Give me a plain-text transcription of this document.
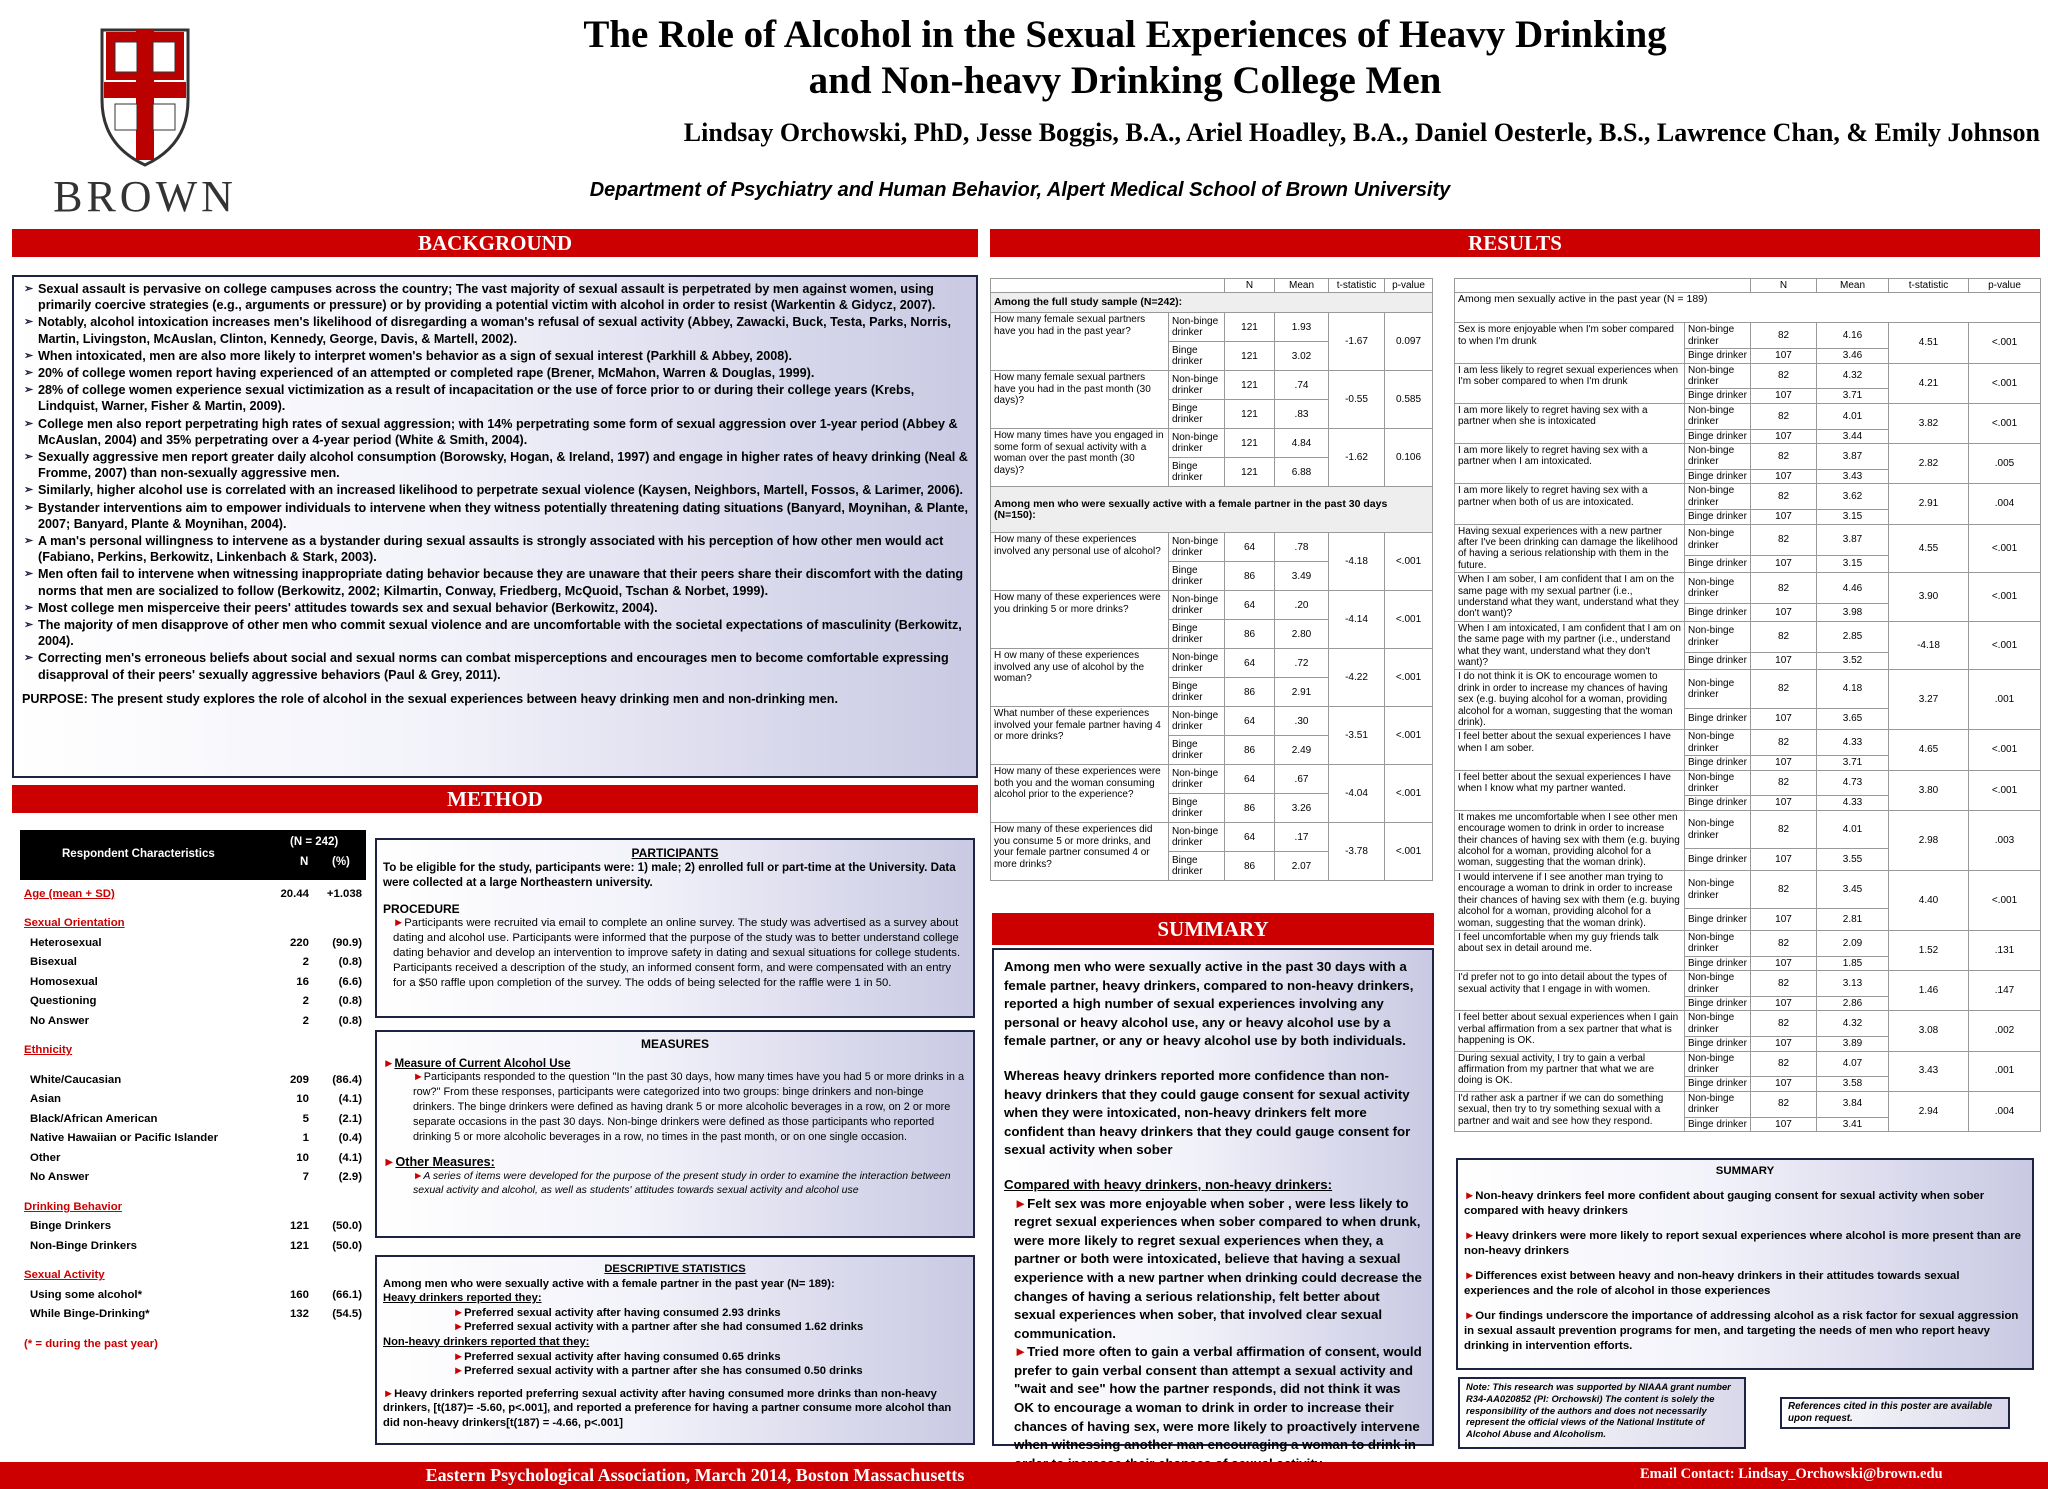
BROWN
The Role of Alcohol in the Sexual Experiences of Heavy Drinking
and Non-heavy Drinking College Men
Lindsay Orchowski, PhD, Jesse Boggis, B.A., Ariel Hoadley, B.A., Daniel Oesterle, B.S., Lawrence Chan, & Emily Johnson
Department of Psychiatry and Human Behavior, Alpert Medical School of Brown University
BACKGROUND
➢ Sexual assault is pervasive on college campuses across the country; The vast majority of sexual assault is perpetrated by men against women, using primarily coercive strategies (e.g., arguments or pressure) or by providing a potential victim with alcohol in order to resist (Warkentin & Gidycz, 2007).
➢ Notably, alcohol intoxication increases men's likelihood of disregarding a woman's refusal of sexual activity (Abbey, Zawacki, Buck, Testa, Parks, Norris, Martin, Livingston, McAuslan, Clinton, Kennedy, George, Davis, & Martell, 2002).
➢ When intoxicated, men are also more likely to interpret women's behavior as a sign of sexual interest (Parkhill & Abbey, 2008).
➢ 20% of college women report having experienced of an attempted or completed rape (Brener, McMahon, Warren & Douglas, 1999).
➢ 28% of college women experience sexual victimization as a result of incapacitation or the use of force prior to or during their college years (Krebs, Lindquist, Warner, Fisher & Martin, 2009).
➢ College men also report perpetrating high rates of sexual aggression; with 14% perpetrating some form of sexual aggression over 1-year period (Abbey & McAuslan, 2004) and 35% perpetrating over a 4-year period (White & Smith, 2004).
➢ Sexually aggressive men report greater daily alcohol consumption (Borowsky, Hogan, & Ireland, 1997) and engage in higher rates of heavy drinking (Neal & Fromme, 2007) than non-sexually aggressive men.
➢ Similarly, higher alcohol use is correlated with an increased likelihood to perpetrate sexual violence (Kaysen, Neighbors, Martell, Fossos, & Larimer, 2006).
➢ Bystander interventions aim to empower individuals to intervene when they witness potentially threatening dating situations (Banyard, Moynihan, & Plante, 2007; Banyard, Plante & Moynihan, 2004).
➢ A man's personal willingness to intervene as a bystander during sexual assaults is strongly associated with his perception of how other men would act (Fabiano, Perkins, Berkowitz, Linkenbach & Stark, 2003).
➢ Men often fail to intervene when witnessing inappropriate dating behavior because they are unaware that their peers share their discomfort with the dating norms that men are socialized to follow (Berkowitz, 2002; Kilmartin, Conway, Friedberg, McQuoid, Tschan & Norbet, 1999).
➢ Most college men misperceive their peers' attitudes towards sex and sexual behavior (Berkowitz, 2004).
➢ The majority of men disapprove of other men who commit sexual violence and are uncomfortable with the societal expectations of masculinity (Berkowitz, 2004).
➢ Correcting men's erroneous beliefs about social and sexual norms can combat misperceptions and encourages men to become comfortable expressing disapproval of their peers' sexually aggressive behaviors (Paul & Grey, 2011).
PURPOSE: The present study explores the role of alcohol in the sexual experiences between heavy drinking men and non-drinking men.
METHOD
Respondent Characteristics
(N = 242)
N (%)
Age (mean + SD)	20.44	+1.038

Sexual Orientation		
Heterosexual	220	(90.9)
Bisexual	2	(0.8)
Homosexual	16	(6.6)
Questioning	2	(0.8)
No Answer	2	(0.8)

Ethnicity		

White/Caucasian	209	(86.4)
Asian	10	(4.1)
Black/African American	5	(2.1)
Native Hawaiian or Pacific Islander	1	(0.4)
Other	10	(4.1)
No Answer	7	(2.9)

Drinking Behavior		
Binge Drinkers	121	(50.0)
Non-Binge Drinkers	121	(50.0)

Sexual Activity		
Using some alcohol*	160	(66.1)
While Binge-Drinking*	132	(54.5)

(* = during the past year)		
PARTICIPANTS
To be eligible for the study, participants were: 1) male; 2) enrolled full or part-time at the University. Data were collected at a large Northeastern university.
PROCEDURE
►Participants were recruited via email to complete an online survey. The study was advertised as a survey about dating and alcohol use. Participants were informed that the purpose of the study was to better understand college dating behavior and develop an intervention to improve safety in dating and sexual situations for college students. Participants received a description of the study, an informed consent form, and were compensated with an entry for a $50 raffle upon completion of the survey. The odds of being selected for the raffle were 1 in 50.
MEASURES
►Measure of Current Alcohol Use
►Participants responded to the question "In the past 30 days, how many times have you had 5 or more drinks in a row?" From these responses, participants were categorized into two groups: binge drinkers and non-binge drinkers. The binge drinkers were defined as having drank 5 or more alcoholic beverages in a row, on 2 or more separate occasions in the past 30 days. Non-binge drinkers were defined as those participants who reported drinking 5 or more alcoholic beverages in a row, no times in the past month, or on one single occasion.
►Other Measures:
►A series of items were developed for the purpose of the present study in order to examine the interaction between sexual activity and alcohol, as well as students' attitudes towards sexual activity and alcohol use
DESCRIPTIVE STATISTICS
Among men who were sexually active with a female partner in the past year (N= 189):
Heavy drinkers reported they:
►Preferred sexual activity after having consumed 2.93 drinks
►Preferred sexual activity with a partner after she had consumed 1.62 drinks
Non-heavy drinkers reported that they:
►Preferred sexual activity after having consumed 0.65 drinks
►Preferred sexual activity with a partner after she has consumed 0.50 drinks
►Heavy drinkers reported preferring sexual activity after having consumed more drinks than non-heavy drinkers, [t(187)= -5.60, p<.001], and reported a preference for having a partner consume more alcohol than did non-heavy drinkers[t(187) = -4.66, p<.001]
RESULTS
		N	Mean	t-statistic	p-value
Among the full study sample (N=242):					
How many female sexual partners have you had in the past year?	Non-binge drinker	121	1.93	-1.67	0.097
	Binge drinker	121	3.02		
How many female sexual partners have you had in the past month (30 days)?	Non-binge drinker	121	.74	-0.55	0.585
	Binge drinker	121	.83		
How many times have you engaged in some form of sexual activity with a woman over the past month (30 days)?	Non-binge drinker	121	4.84	-1.62	0.106
	Binge drinker	121	6.88		
Among men who were sexually active with a female partner in the past 30 days (N=150):					
How many of these experiences involved any personal use of alcohol?	Non-binge drinker	64	.78	-4.18	<.001
	Binge drinker	86	3.49		
How many of these experiences were you drinking 5 or more drinks?	Non-binge drinker	64	.20	-4.14	<.001
	Binge drinker	86	2.80		
H ow many of these experiences involved any use of alcohol by the woman?	Non-binge drinker	64	.72	-4.22	<.001
	Binge drinker	86	2.91		
What number of these experiences involved your female partner having 4 or more drinks?	Non-binge drinker	64	.30	-3.51	<.001
	Binge drinker	86	2.49		
How many of these experiences were both you and the woman consuming alcohol prior to the experience?	Non-binge drinker	64	.67	-4.04	<.001
	Binge drinker	86	3.26		
How many of these experiences did you consume 5 or more drinks, and your female partner consumed 4 or more drinks?	Non-binge drinker	64	.17	-3.78	<.001
	Binge drinker	86	2.07		
		N	Mean	t-statistic	p-value
Among men sexually active in the past year (N = 189)					
Sex is more enjoyable when I'm sober compared to when I'm drunk	Non-binge drinker	82	4.16	4.51	<.001
	Binge drinker	107	3.46		
I am less likely to regret sexual experiences when I'm sober compared to when I'm drunk	Non-binge drinker	82	4.32	4.21	<.001
	Binge drinker	107	3.71		
I am more likely to regret having sex with a partner when she is intoxicated	Non-binge drinker	82	4.01	3.82	<.001
	Binge drinker	107	3.44		
I am more likely to regret having sex with a partner when I am intoxicated.	Non-binge drinker	82	3.87	2.82	.005
	Binge drinker	107	3.43		
I am more likely to regret having sex with a partner when both of us are intoxicated.	Non-binge drinker	82	3.62	2.91	.004
	Binge drinker	107	3.15		
Having sexual experiences with a new partner after I've been drinking can damage the likelihood of having a serious relationship with them in the future.	Non-binge drinker	82	3.87	4.55	<.001
	Binge drinker	107	3.15		
When I am sober, I am confident that I am on the same page with my sexual partner (i.e., understand what they want, understand what they don't want)?	Non-binge drinker	82	4.46	3.90	<.001
	Binge drinker	107	3.98		
When I am intoxicated, I am confident that I am on the same page with my partner (i.e., understand what they want, understand what they don't want)?	Non-binge drinker	82	2.85	-4.18	<.001
	Binge drinker	107	3.52		
I do not think it is OK to encourage women to drink in order to increase my chances of having sex (e.g. buying alcohol for a woman, providing alcohol for a woman, suggesting that the woman drink).	Non-binge drinker	82	4.18	3.27	.001
	Binge drinker	107	3.65		
I feel better about the sexual experiences I have when I am sober.	Non-binge drinker	82	4.33	4.65	<.001
	Binge drinker	107	3.71		
I feel better about the sexual experiences I have when I know what my partner wanted.	Non-binge drinker	82	4.73	3.80	<.001
	Binge drinker	107	4.33		
It makes me uncomfortable when I see other men encourage women to drink in order to increase their chances of having sex with them (e.g. buying alcohol for a woman, providing alcohol for a woman, suggesting that the woman drink).	Non-binge drinker	82	4.01	2.98	.003
	Binge drinker	107	3.55		
I would intervene if I see another man trying to encourage a woman to drink in order to increase their chances of having sex with them (e.g. buying alcohol for a woman, providing alcohol for a woman, suggesting that the woman drink).	Non-binge drinker	82	3.45	4.40	<.001
	Binge drinker	107	2.81		
I feel uncomfortable when my guy friends talk about sex in detail around me.	Non-binge drinker	82	2.09	1.52	.131
	Binge drinker	107	1.85		
I'd prefer not to go into detail about the types of sexual activity that I engage in with women.	Non-binge drinker	82	3.13	1.46	.147
	Binge drinker	107	2.86		
I feel better about sexual experiences when I gain verbal affirmation from a sex partner that what is happening is OK.	Non-binge drinker	82	4.32	3.08	.002
	Binge drinker	107	3.89		
During sexual activity, I try to gain a verbal affirmation from my partner that what we are doing is OK.	Non-binge drinker	82	4.07	3.43	.001
	Binge drinker	107	3.58		
I'd rather ask a partner if we can do something sexual, then try to try something sexual with a partner and wait and see how they respond.	Non-binge drinker	82	3.84	2.94	.004
	Binge drinker	107	3.41		
SUMMARY
Among men who were sexually active in the past 30 days with a female partner, heavy drinkers, compared to non-heavy drinkers, reported a high number of sexual experiences involving any personal or heavy alcohol use, any or heavy alcohol use by a female partner, or any or heavy alcohol use by both individuals.
Whereas heavy drinkers reported more confidence than non-heavy drinkers that they could gauge consent for sexual activity when they were intoxicated, non-heavy drinkers felt more confident than heavy drinkers that they could gauge consent for sexual activity when sober
Compared with heavy drinkers, non-heavy drinkers:
►Felt sex was more enjoyable when sober , were less likely to regret sexual experiences when sober compared to when drunk, were more likely to regret sexual experiences when they, a partner or both were intoxicated, believe that having a sexual experience with a new partner when drinking could decrease the changes of having a serious relationship, felt better about sexual experiences when sober, that involved clear sexual communication.
►Tried more often to gain a verbal affirmation of consent, would prefer to gain verbal consent than attempt a sexual activity and "wait and see" how the partner responds, did not think it was OK to encourage a woman to drink in order to increase their chances of having sex, were more likely to proactively intervene when witnessing another man encouraging a woman to drink in
SUMMARY
►Non-heavy drinkers feel more confident about gauging consent for sexual activity when sober compared with heavy drinkers
►Heavy drinkers were more likely to report sexual experiences where alcohol is more present than are non-heavy drinkers
►Differences exist between heavy and non-heavy drinkers in their attitudes towards sexual experiences and the role of alcohol in those experiences
►Our findings underscore the importance of addressing alcohol as a risk factor for sexual aggression in sexual assault prevention programs for men, and targeting the needs of men who report heavy drinking in intervention efforts.
Note: This research was supported by NIAAA grant number R34-AA020852 (PI: Orchowski) The content is solely the responsibility of the authors and does not necessarily represent the official views of the National Institute of Alcohol Abuse and Alcoholism.
References cited in this poster are available upon request.
Eastern Psychological Association, March 2014, Boston Massachusetts	Email Contact: Lindsay_Orchowski@brown.edu
